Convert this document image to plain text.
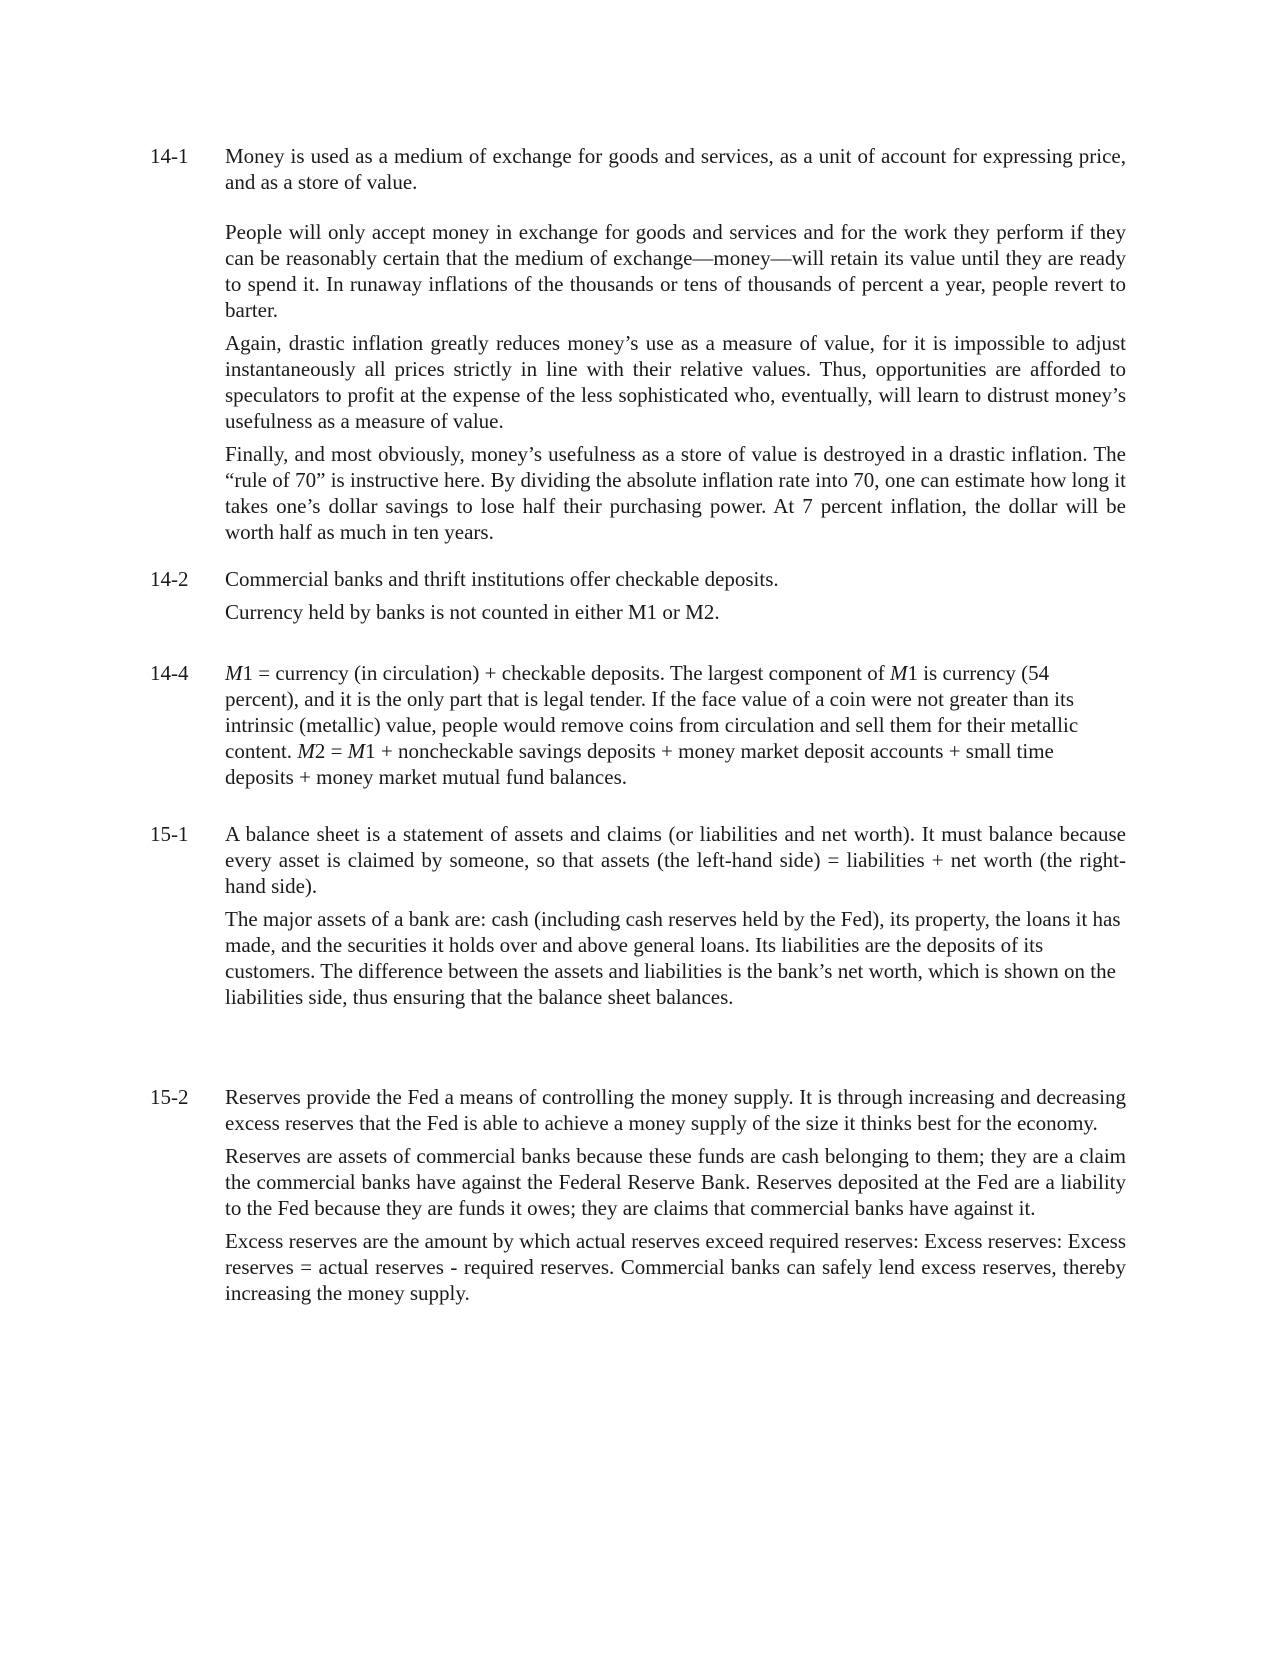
14-1	Money is used as a medium of exchange for goods and services, as a unit of account for expressing price, and as a store of value.

People will only accept money in exchange for goods and services and for the work they perform if they can be reasonably certain that the medium of exchange—money—will retain its value until they are ready to spend it. In runaway inflations of the thousands or tens of thousands of percent a year, people revert to barter.

Again, drastic inflation greatly reduces money’s use as a measure of value, for it is impossible to adjust instantaneously all prices strictly in line with their relative values. Thus, opportunities are afforded to speculators to profit at the expense of the less sophisticated who, eventually, will learn to distrust money’s usefulness as a measure of value.

Finally, and most obviously, money’s usefulness as a store of value is destroyed in a drastic inflation. The “rule of 70” is instructive here. By dividing the absolute inflation rate into 70, one can estimate how long it takes one’s dollar savings to lose half their purchasing power. At 7 percent inflation, the dollar will be worth half as much in ten years.

14-2	Commercial banks and thrift institutions offer checkable deposits.

Currency held by banks is not counted in either M1 or M2.

14-4	M1 = currency (in circulation) + checkable deposits. The largest component of M1 is currency (54 percent), and it is the only part that is legal tender. If the face value of a coin were not greater than its intrinsic (metallic) value, people would remove coins from circulation and sell them for their metallic content. M2 = M1 + noncheckable savings deposits + money market deposit accounts + small time deposits + money market mutual fund balances.

15-1	A balance sheet is a statement of assets and claims (or liabilities and net worth). It must balance because every asset is claimed by someone, so that assets (the left-hand side) = liabilities + net worth (the right-hand side).

The major assets of a bank are: cash (including cash reserves held by the Fed), its property, the loans it has made, and the securities it holds over and above general loans. Its liabilities are the deposits of its customers. The difference between the assets and liabilities is the bank’s net worth, which is shown on the liabilities side, thus ensuring that the balance sheet balances.

15-2	Reserves provide the Fed a means of controlling the money supply. It is through increasing and decreasing excess reserves that the Fed is able to achieve a money supply of the size it thinks best for the economy.

Reserves are assets of commercial banks because these funds are cash belonging to them; they are a claim the commercial banks have against the Federal Reserve Bank. Reserves deposited at the Fed are a liability to the Fed because they are funds it owes; they are claims that commercial banks have against it.

Excess reserves are the amount by which actual reserves exceed required reserves: Excess reserves: Excess reserves = actual reserves - required reserves. Commercial banks can safely lend excess reserves, thereby increasing the money supply.
